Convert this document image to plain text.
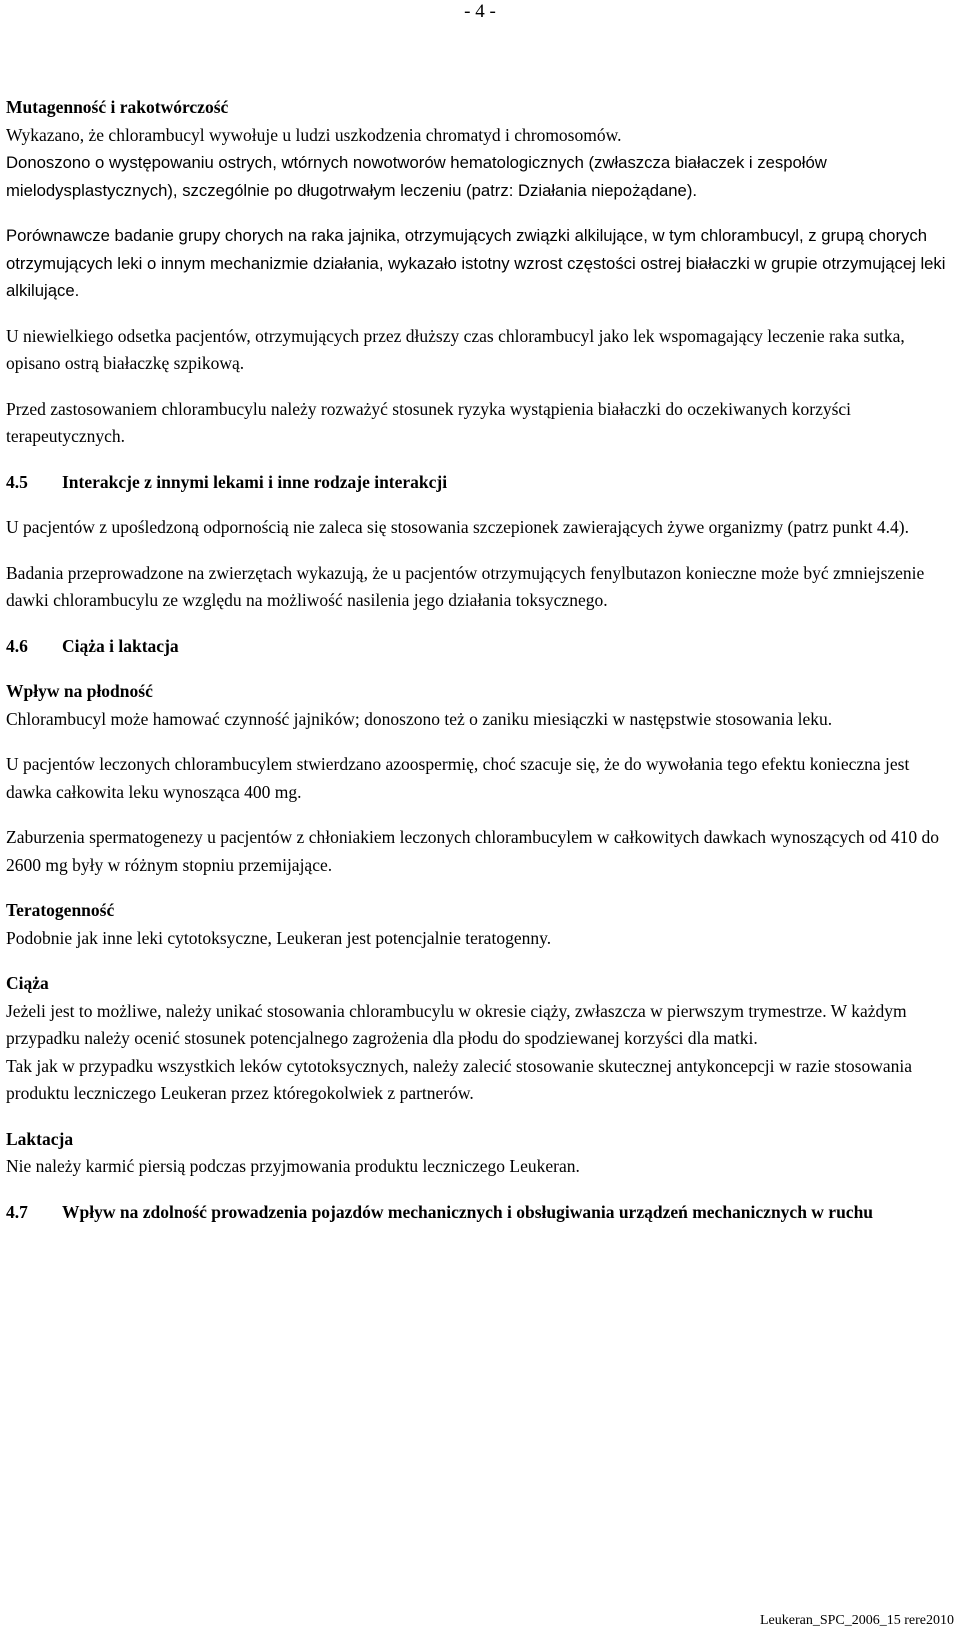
- 4 -

Mutagenność i rakotwórczość
Wykazano, że chlorambucyl wywołuje u ludzi uszkodzenia chromatyd i chromosomów.
Donoszono o występowaniu ostrych, wtórnych nowotworów hematologicznych (zwłaszcza białaczek i zespołów mielodysplastycznych), szczególnie po długotrwałym leczeniu (patrz: Działania niepożądane).

Porównawcze badanie grupy chorych na raka jajnika, otrzymujących związki alkilujące, w tym chlorambucyl, z grupą chorych otrzymujących leki o innym mechanizmie działania, wykazało istotny wzrost częstości ostrej białaczki w grupie otrzymującej leki alkilujące.

U niewielkiego odsetka pacjentów, otrzymujących przez dłuższy czas chlorambucyl jako lek wspomagający leczenie raka sutka, opisano ostrą białaczkę szpikową.

Przed zastosowaniem chlorambucylu należy rozważyć stosunek ryzyka wystąpienia białaczki do oczekiwanych korzyści terapeutycznych.

4.5	Interakcje z innymi lekami i inne rodzaje interakcji

U pacjentów z upośledzoną odpornością nie zaleca się stosowania szczepionek zawierających żywe organizmy (patrz punkt 4.4).

Badania przeprowadzone na zwierzętach wykazują, że u pacjentów otrzymujących fenylbutazon konieczne może być zmniejszenie dawki chlorambucylu ze względu na możliwość nasilenia jego działania toksycznego.

4.6	Ciąża i laktacja

Wpływ na płodność
Chlorambucyl może hamować czynność jajników; donoszono też o zaniku miesiączki w następstwie stosowania leku.

U pacjentów leczonych chlorambucylem stwierdzano azoospermię, choć szacuje się, że do wywołania tego efektu konieczna jest dawka całkowita leku wynosząca 400 mg.

Zaburzenia spermatogenezy u pacjentów z chłoniakiem leczonych chlorambucylem w całkowitych dawkach wynoszących od 410 do 2600 mg były w różnym stopniu przemijające.

Teratogenność
Podobnie jak inne leki cytotoksyczne, Leukeran jest potencjalnie teratogenny.

Ciąża
Jeżeli jest to możliwe, należy unikać stosowania chlorambucylu w okresie ciąży, zwłaszcza w pierwszym trymestrze. W każdym przypadku należy ocenić stosunek potencjalnego zagrożenia dla płodu do spodziewanej korzyści dla matki.
Tak jak w przypadku wszystkich leków cytotoksycznych, należy zalecić stosowanie skutecznej antykoncepcji w razie stosowania produktu leczniczego Leukeran przez któregokolwiek z partnerów.

Laktacja
Nie należy karmić piersią podczas przyjmowania produktu leczniczego Leukeran.

4.7	Wpływ na zdolność prowadzenia pojazdów mechanicznych i obsługiwania urządzeń mechanicznych w ruchu
Leukeran_SPC_2006_15 rere2010
